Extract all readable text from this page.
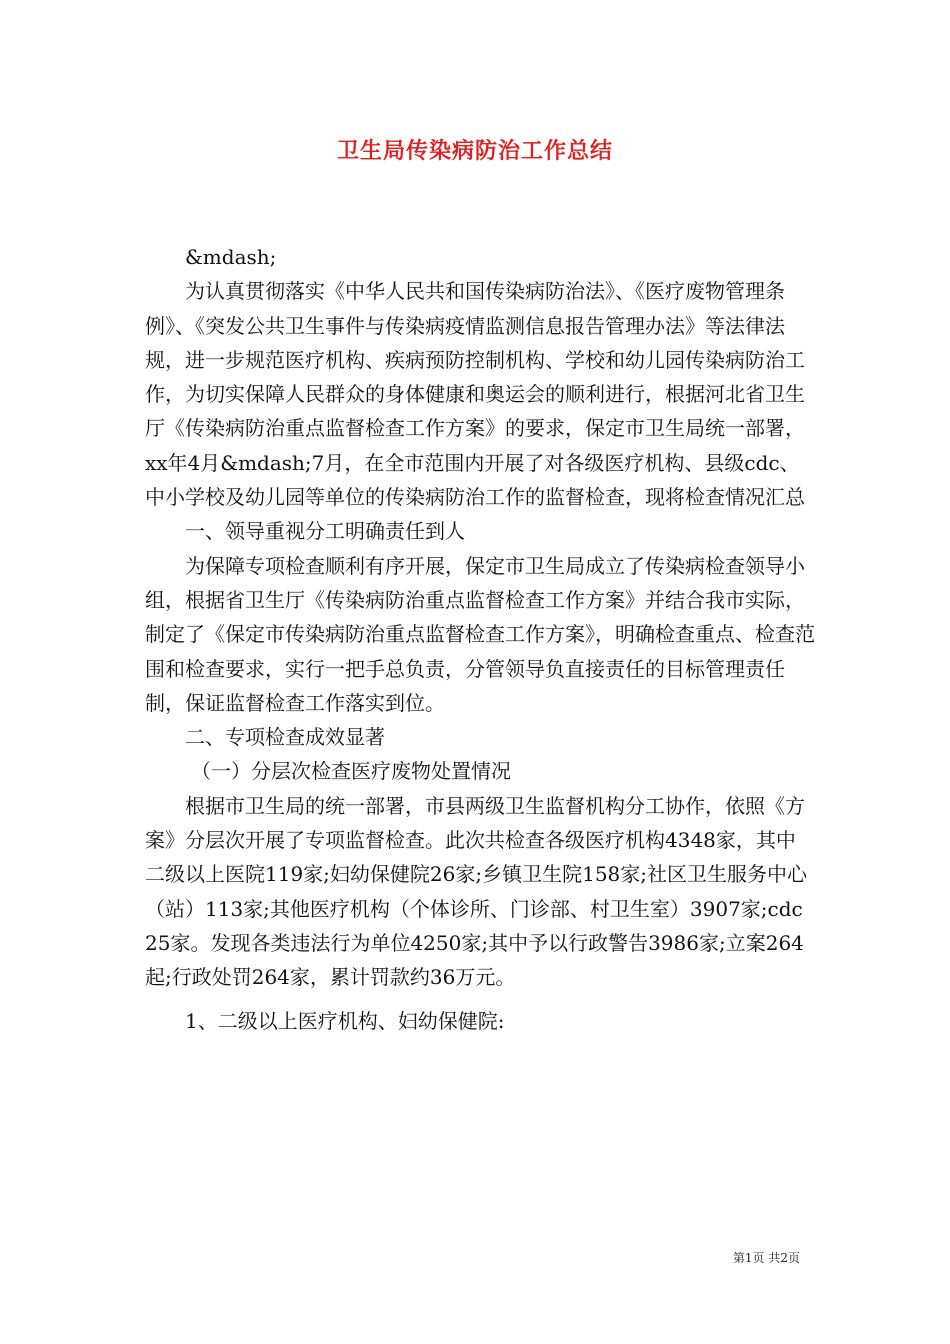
卫生局传染病防治工作总结

&mdash;

为认真贯彻落实《中华人民共和国传染病防治法》、《医疗废物管理条例》、《突发公共卫生事件与传染病疫情监测信息报告管理办法》等法律法规，进一步规范医疗机构、疾病预防控制机构、学校和幼儿园传染病防治工作，为切实保障人民群众的身体健康和奥运会的顺利进行，根据河北省卫生厅《传染病防治重点监督检查工作方案》的要求，保定市卫生局统一部署，xx年4月&mdash;7月，在全市范围内开展了对各级医疗机构、县级cdc、中小学校及幼儿园等单位的传染病防治工作的监督检查，现将检查情况汇总

一、领导重视分工明确责任到人

为保障专项检查顺利有序开展，保定市卫生局成立了传染病检查领导小组，根据省卫生厅《传染病防治重点监督检查工作方案》并结合我市实际，制定了《保定市传染病防治重点监督检查工作方案》，明确检查重点、检查范围和检查要求，实行一把手总负责，分管领导负直接责任的目标管理责任制，保证监督检查工作落实到位。

二、专项检查成效显著

（一）分层次检查医疗废物处置情况

根据市卫生局的统一部署，市县两级卫生监督机构分工协作，依照《方案》分层次开展了专项监督检查。此次共检查各级医疗机构4348家，其中二级以上医院119家;妇幼保健院26家;乡镇卫生院158家;社区卫生服务中心（站）113家;其他医疗机构（个体诊所、门诊部、村卫生室）3907家;cdc25家。发现各类违法行为单位4250家;其中予以行政警告3986家;立案264起;行政处罚264家，累计罚款约36万元。

1、二级以上医疗机构、妇幼保健院:

第1页 共2页
